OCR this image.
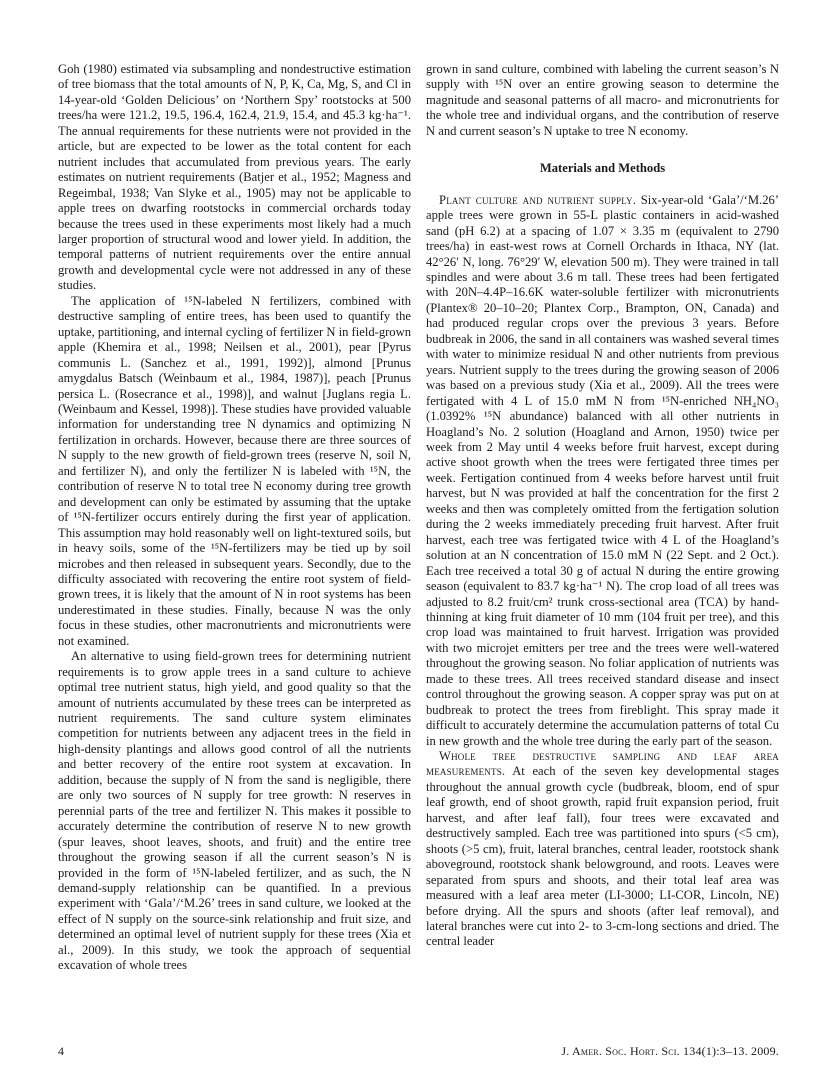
Goh (1980) estimated via subsampling and nondestructive estimation of tree biomass that the total amounts of N, P, K, Ca, Mg, S, and Cl in 14-year-old ‘Golden Delicious’ on ‘Northern Spy’ rootstocks at 500 trees/ha were 121.2, 19.5, 196.4, 162.4, 21.9, 15.4, and 45.3 kg·ha⁻¹. The annual requirements for these nutrients were not provided in the article, but are expected to be lower as the total content for each nutrient includes that accumulated from previous years. The early estimates on nutrient requirements (Batjer et al., 1952; Magness and Regeimbal, 1938; Van Slyke et al., 1905) may not be applicable to apple trees on dwarfing rootstocks in commercial orchards today because the trees used in these experiments most likely had a much larger proportion of structural wood and lower yield. In addition, the temporal patterns of nutrient requirements over the entire annual growth and developmental cycle were not addressed in any of these studies.

The application of ¹⁵N-labeled N fertilizers, combined with destructive sampling of entire trees, has been used to quantify the uptake, partitioning, and internal cycling of fertilizer N in field-grown apple (Khemira et al., 1998; Neilsen et al., 2001), pear [Pyrus communis L. (Sanchez et al., 1991, 1992)], almond [Prunus amygdalus Batsch (Weinbaum et al., 1984, 1987)], peach [Prunus persica L. (Rosecrance et al., 1998)], and walnut [Juglans regia L. (Weinbaum and Kessel, 1998)]. These studies have provided valuable information for understanding tree N dynamics and optimizing N fertilization in orchards. However, because there are three sources of N supply to the new growth of field-grown trees (reserve N, soil N, and fertilizer N), and only the fertilizer N is labeled with ¹⁵N, the contribution of reserve N to total tree N economy during tree growth and development can only be estimated by assuming that the uptake of ¹⁵N-fertilizer occurs entirely during the first year of application. This assumption may hold reasonably well on light-textured soils, but in heavy soils, some of the ¹⁵N-fertilizers may be tied up by soil microbes and then released in subsequent years. Secondly, due to the difficulty associated with recovering the entire root system of field-grown trees, it is likely that the amount of N in root systems has been underestimated in these studies. Finally, because N was the only focus in these studies, other macronutrients and micronutrients were not examined.

An alternative to using field-grown trees for determining nutrient requirements is to grow apple trees in a sand culture to achieve optimal tree nutrient status, high yield, and good quality so that the amount of nutrients accumulated by these trees can be interpreted as nutrient requirements. The sand culture system eliminates competition for nutrients between any adjacent trees in the field in high-density plantings and allows good control of all the nutrients and better recovery of the entire root system at excavation. In addition, because the supply of N from the sand is negligible, there are only two sources of N supply for tree growth: N reserves in perennial parts of the tree and fertilizer N. This makes it possible to accurately determine the contribution of reserve N to new growth (spur leaves, shoot leaves, shoots, and fruit) and the entire tree throughout the growing season if all the current season’s N is provided in the form of ¹⁵N-labeled fertilizer, and as such, the N demand-supply relationship can be quantified. In a previous experiment with ‘Gala’/‘M.26’ trees in sand culture, we looked at the effect of N supply on the source-sink relationship and fruit size, and determined an optimal level of nutrient supply for these trees (Xia et al., 2009). In this study, we took the approach of sequential excavation of whole trees

grown in sand culture, combined with labeling the current season’s N supply with ¹⁵N over an entire growing season to determine the magnitude and seasonal patterns of all macro- and micronutrients for the whole tree and individual organs, and the contribution of reserve N and current season’s N uptake to tree N economy.

Materials and Methods

Plant culture and nutrient supply. Six-year-old ‘Gala’/‘M.26’ apple trees were grown in 55-L plastic containers in acid-washed sand (pH 6.2) at a spacing of 1.07 × 3.35 m (equivalent to 2790 trees/ha) in east-west rows at Cornell Orchards in Ithaca, NY (lat. 42°26′ N, long. 76°29′ W, elevation 500 m). They were trained in tall spindles and were about 3.6 m tall. These trees had been fertigated with 20N–4.4P–16.6K water-soluble fertilizer with micronutrients (Plantex® 20–10–20; Plantex Corp., Brampton, ON, Canada) and had produced regular crops over the previous 3 years. Before budbreak in 2006, the sand in all containers was washed several times with water to minimize residual N and other nutrients from previous years. Nutrient supply to the trees during the growing season of 2006 was based on a previous study (Xia et al., 2009). All the trees were fertigated with 4 L of 15.0 mM N from ¹⁵N-enriched NH₄NO₃ (1.0392% ¹⁵N abundance) balanced with all other nutrients in Hoagland’s No. 2 solution (Hoagland and Arnon, 1950) twice per week from 2 May until 4 weeks before fruit harvest, except during active shoot growth when the trees were fertigated three times per week. Fertigation continued from 4 weeks before harvest until fruit harvest, but N was provided at half the concentration for the first 2 weeks and then was completely omitted from the fertigation solution during the 2 weeks immediately preceding fruit harvest. After fruit harvest, each tree was fertigated twice with 4 L of the Hoagland’s solution at an N concentration of 15.0 mM N (22 Sept. and 2 Oct.). Each tree received a total 30 g of actual N during the entire growing season (equivalent to 83.7 kg·ha⁻¹ N). The crop load of all trees was adjusted to 8.2 fruit/cm² trunk cross-sectional area (TCA) by hand-thinning at king fruit diameter of 10 mm (104 fruit per tree), and this crop load was maintained to fruit harvest. Irrigation was provided with two microjet emitters per tree and the trees were well-watered throughout the growing season. No foliar application of nutrients was made to these trees. All trees received standard disease and insect control throughout the growing season. A copper spray was put on at budbreak to protect the trees from fireblight. This spray made it difficult to accurately determine the accumulation patterns of total Cu in new growth and the whole tree during the early part of the season.

Whole tree destructive sampling and leaf area measurements. At each of the seven key developmental stages throughout the annual growth cycle (budbreak, bloom, end of spur leaf growth, end of shoot growth, rapid fruit expansion period, fruit harvest, and after leaf fall), four trees were excavated and destructively sampled. Each tree was partitioned into spurs (<5 cm), shoots (>5 cm), fruit, lateral branches, central leader, rootstock shank aboveground, rootstock shank belowground, and roots. Leaves were separated from spurs and shoots, and their total leaf area was measured with a leaf area meter (LI-3000; LI-COR, Lincoln, NE) before drying. All the spurs and shoots (after leaf removal), and lateral branches were cut into 2- to 3-cm-long sections and dried. The central leader

4	J. Amer. Soc. Hort. Sci. 134(1):3–13. 2009.
